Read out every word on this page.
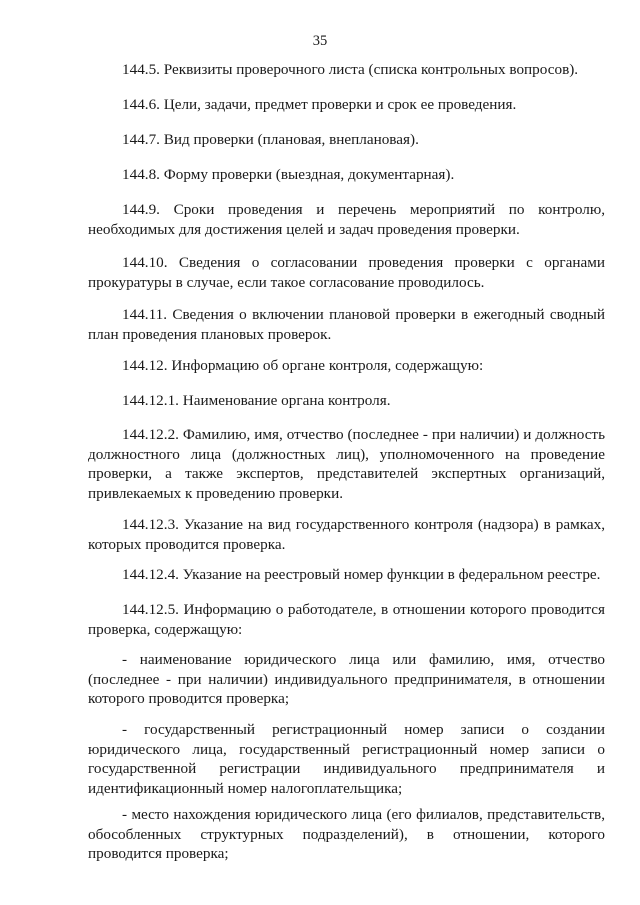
35

144.5. Реквизиты проверочного листа (списка контрольных вопросов).

144.6. Цели, задачи, предмет проверки и срок ее проведения.

144.7. Вид проверки (плановая, внеплановая).

144.8. Форму проверки (выездная, документарная).

144.9. Сроки проведения и перечень мероприятий по контролю, необходимых для достижения целей и задач проведения проверки.

144.10. Сведения о согласовании проведения проверки с органами прокуратуры в случае, если такое согласование проводилось.

144.11. Сведения о включении плановой проверки в ежегодный сводный план проведения плановых проверок.

144.12. Информацию об органе контроля, содержащую:

144.12.1. Наименование органа контроля.

144.12.2. Фамилию, имя, отчество (последнее - при наличии) и должность должностного лица (должностных лиц), уполномоченного на проведение проверки, а также экспертов, представителей экспертных организаций, привлекаемых к проведению проверки.

144.12.3. Указание на вид государственного контроля (надзора) в рамках, которых проводится проверка.

144.12.4. Указание на реестровый номер функции в федеральном реестре.

144.12.5. Информацию о работодателе, в отношении которого проводится проверка, содержащую:

- наименование юридического лица или фамилию, имя, отчество (последнее - при наличии) индивидуального предпринимателя, в отношении которого проводится проверка;

- государственный регистрационный номер записи о создании юридического лица, государственный регистрационный номер записи о государственной регистрации индивидуального предпринимателя и идентификационный номер налогоплательщика;

- место нахождения юридического лица (его филиалов, представительств, обособленных структурных подразделений), в отношении, которого проводится проверка;
